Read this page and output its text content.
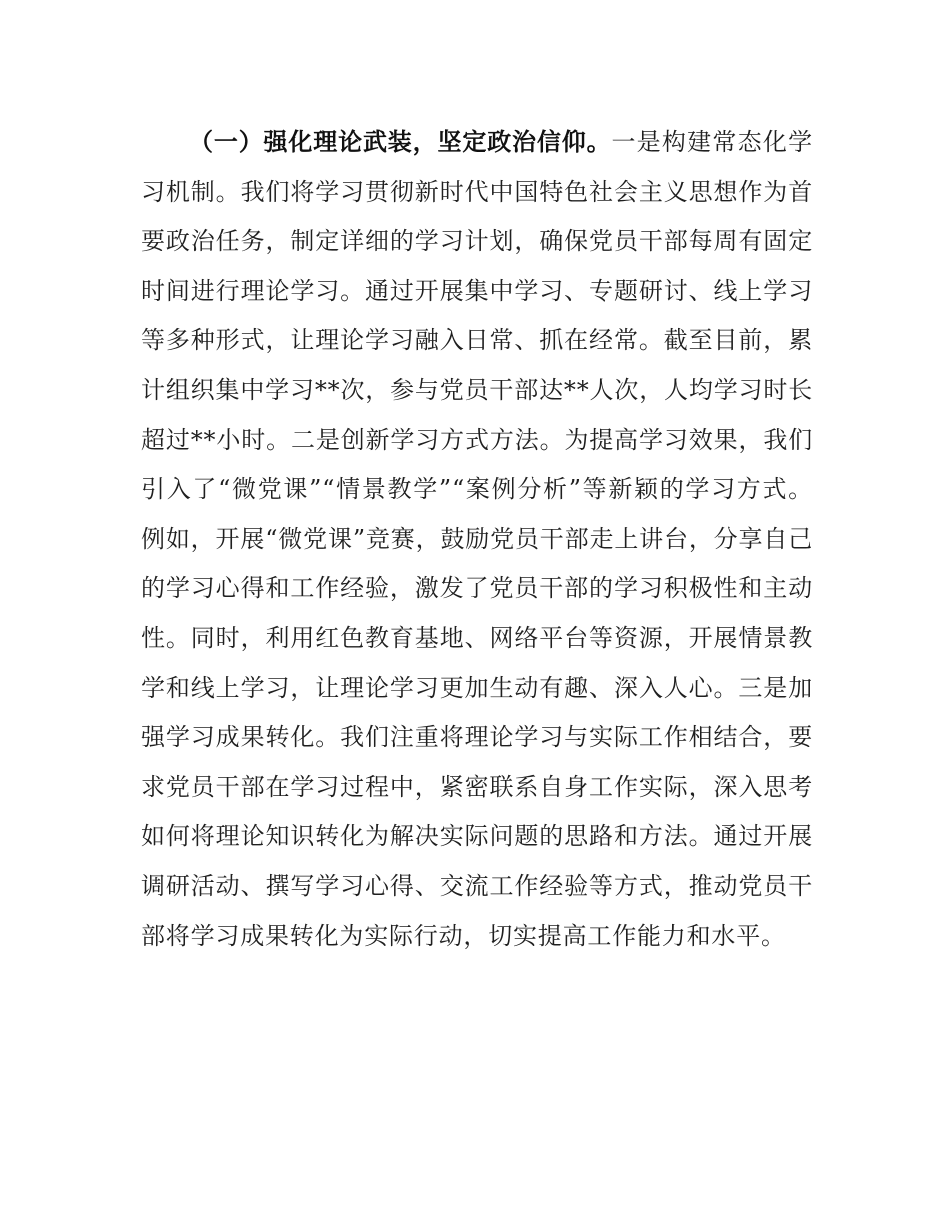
（一）强化理论武装，坚定政治信仰。一是构建常态化学习机制。我们将学习贯彻新时代中国特色社会主义思想作为首要政治任务，制定详细的学习计划，确保党员干部每周有固定时间进行理论学习。通过开展集中学习、专题研讨、线上学习等多种形式，让理论学习融入日常、抓在经常。截至目前，累计组织集中学习**次，参与党员干部达**人次，人均学习时长超过**小时。二是创新学习方式方法。为提高学习效果，我们引入了“微党课”“情景教学”“案例分析”等新颖的学习方式。例如，开展“微党课”竞赛，鼓励党员干部走上讲台，分享自己的学习心得和工作经验，激发了党员干部的学习积极性和主动性。同时，利用红色教育基地、网络平台等资源，开展情景教学和线上学习，让理论学习更加生动有趣、深入人心。三是加强学习成果转化。我们注重将理论学习与实际工作相结合，要求党员干部在学习过程中，紧密联系自身工作实际，深入思考如何将理论知识转化为解决实际问题的思路和方法。通过开展调研活动、撰写学习心得、交流工作经验等方式，推动党员干部将学习成果转化为实际行动，切实提高工作能力和水平。
